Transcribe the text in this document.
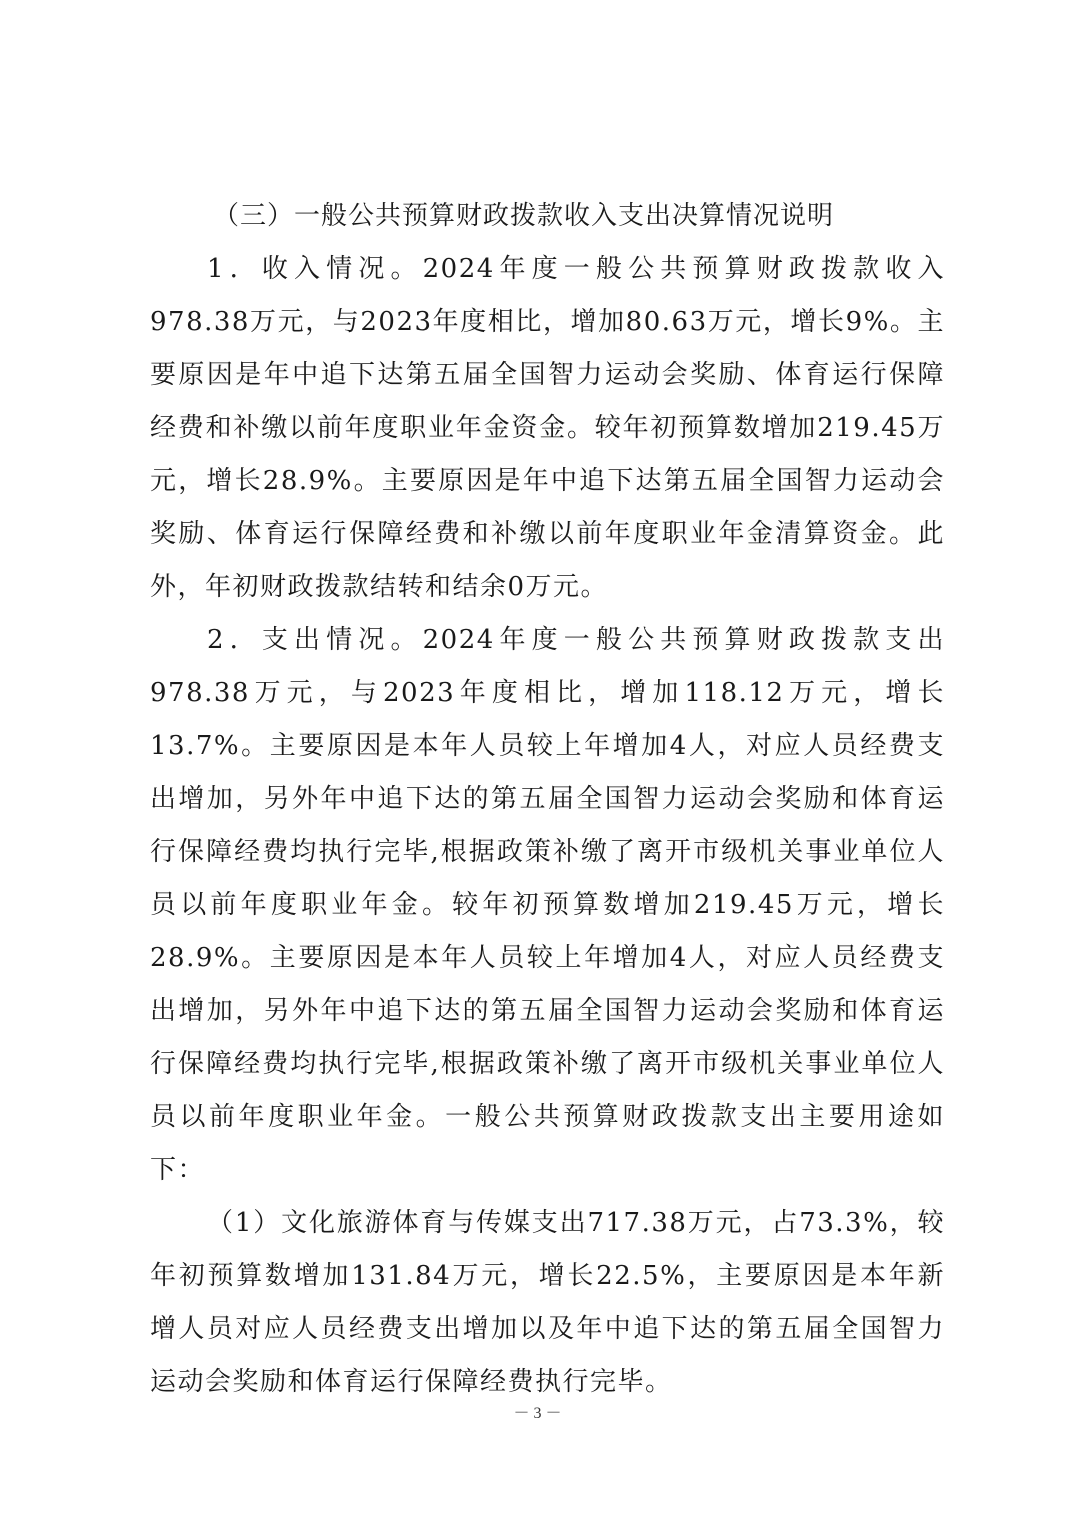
（三）一般公共预算财政拨款收入支出决算情况说明

1．收入情况。2024年度一般公共预算财政拨款收入978.38万元，与2023年度相比，增加80.63万元，增长9%。主要原因是年中追下达第五届全国智力运动会奖励、体育运行保障经费和补缴以前年度职业年金资金。较年初预算数增加219.45万元，增长28.9%。主要原因是年中追下达第五届全国智力运动会奖励、体育运行保障经费和补缴以前年度职业年金清算资金。此外，年初财政拨款结转和结余0万元。

2．支出情况。2024年度一般公共预算财政拨款支出978.38万元，与2023年度相比，增加118.12万元，增长13.7%。主要原因是本年人员较上年增加4人，对应人员经费支出增加，另外年中追下达的第五届全国智力运动会奖励和体育运行保障经费均执行完毕,根据政策补缴了离开市级机关事业单位人员以前年度职业年金。较年初预算数增加219.45万元，增长28.9%。主要原因是本年人员较上年增加4人，对应人员经费支出增加，另外年中追下达的第五届全国智力运动会奖励和体育运行保障经费均执行完毕,根据政策补缴了离开市级机关事业单位人员以前年度职业年金。一般公共预算财政拨款支出主要用途如下：

（1）文化旅游体育与传媒支出717.38万元，占73.3%，较年初预算数增加131.84万元，增长22.5%，主要原因是本年新增人员对应人员经费支出增加以及年中追下达的第五届全国智力运动会奖励和体育运行保障经费执行完毕。

－ 3 －
